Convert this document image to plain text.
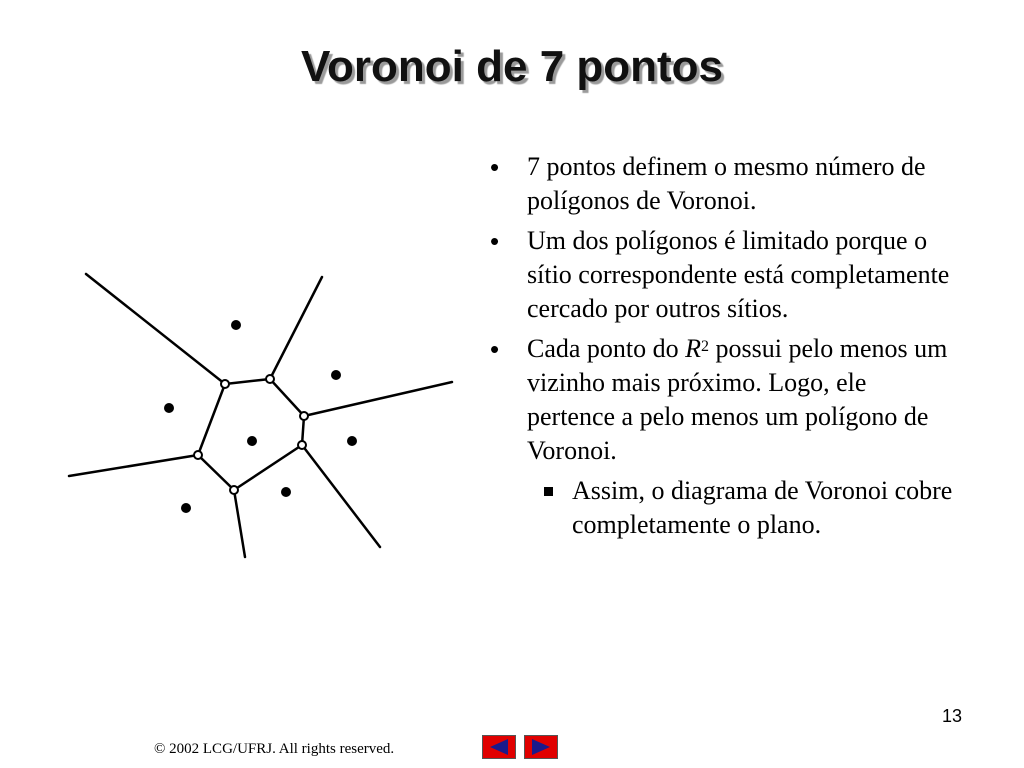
Voronoi de 7 pontos
• 7 pontos definem o mesmo número de polígonos de Voronoi.
• Um dos polígonos é limitado porque o sítio correspondente está completamente cercado por outros sítios.
• Cada ponto do $R^2$ possui pelo menos um vizinho mais próximo. Logo, ele pertence a pelo menos um polígono de Voronoi.
Assim, o diagrama de Voronoi cobre completamente o plano.
13
© 2002 LCG/UFRJ. All rights reserved.
